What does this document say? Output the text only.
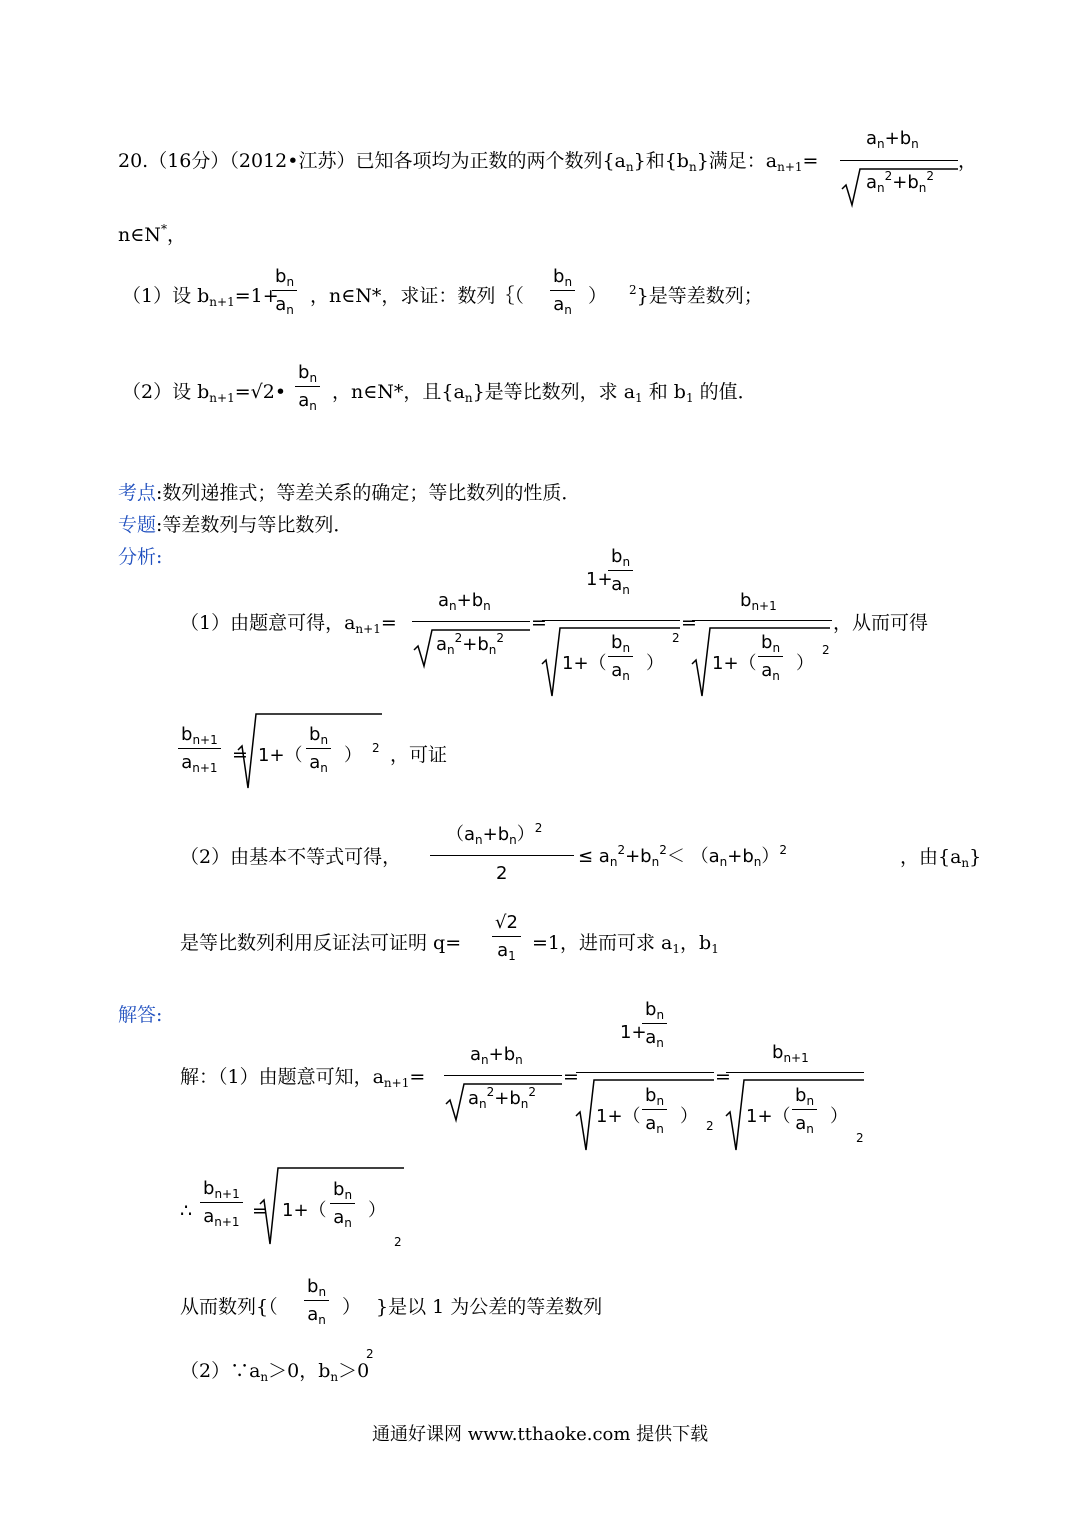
20.（16分）（2012•江苏）已知各项均为正数的两个数列$\{a_n\}$和$\{b_n\}$满足：$a_{n+1}=$
$a_n+b_n$
$a_n^2+b_n^2$
，
n∈N*，
（1）设 $b_{n+1}=1+$
$b_n$
$a_n$
，n∈N*，求证：数列｛（
$b_n$
$a_n$
） $^2$}是等差数列；
（2）设 $b_{n+1}=√2•$
$b_n$
$a_n$
，n∈N*，且$\{a_n\}$是等比数列，求 $a_1$ 和 $b_1$ 的值．
考点:数列递推式；等差关系的确定；等比数列的性质．
专题:等差数列与等比数列．
分析:
（1）由题意可得，$a_{n+1}=$
$a_n+b_n$
$a_n^2+b_n^2$
=
1+
$b_n$
$a_n$
1+（
$b_n$
$a_n$
）
2
=
$b_{n+1}$
1+（
$b_n$
$a_n$
）
2
，从而可得
$b_{n+1}$
$a_{n+1}$
= 1+（
$b_n$
$a_n$
） 2 ，可证
（2）由基本不等式可得，
$(a_n+b_n)^2$
2
≤ $a_n^2+b_n^2< (a_n+b_n)^2$	，由$\{a_n\}$
是等比数列利用反证法可证明 q=
√2
$a_1$
=1，进而可求 $a_1$，$b_1$
解答:
解：（1）由题意可知，$a_{n+1}=$
$a_n+b_n$
$a_n^2+b_n^2$
=
1+
$b_n$
$a_n$
1+（
$b_n$
$a_n$
） 2
=
$b_{n+1}$
1+（
$b_n$
$a_n$
）
2
∴
$b_{n+1}$
$a_{n+1} = 1+$（
$b_n$
$a_n$
）
2
从而数列{（
$b_n$
$a_n$
）
2
}是以 1 为公差的等差数列
$(2)\because a_n>0$，$b_n>0$
通通好课网 www.tthaoke.com 提供下载
